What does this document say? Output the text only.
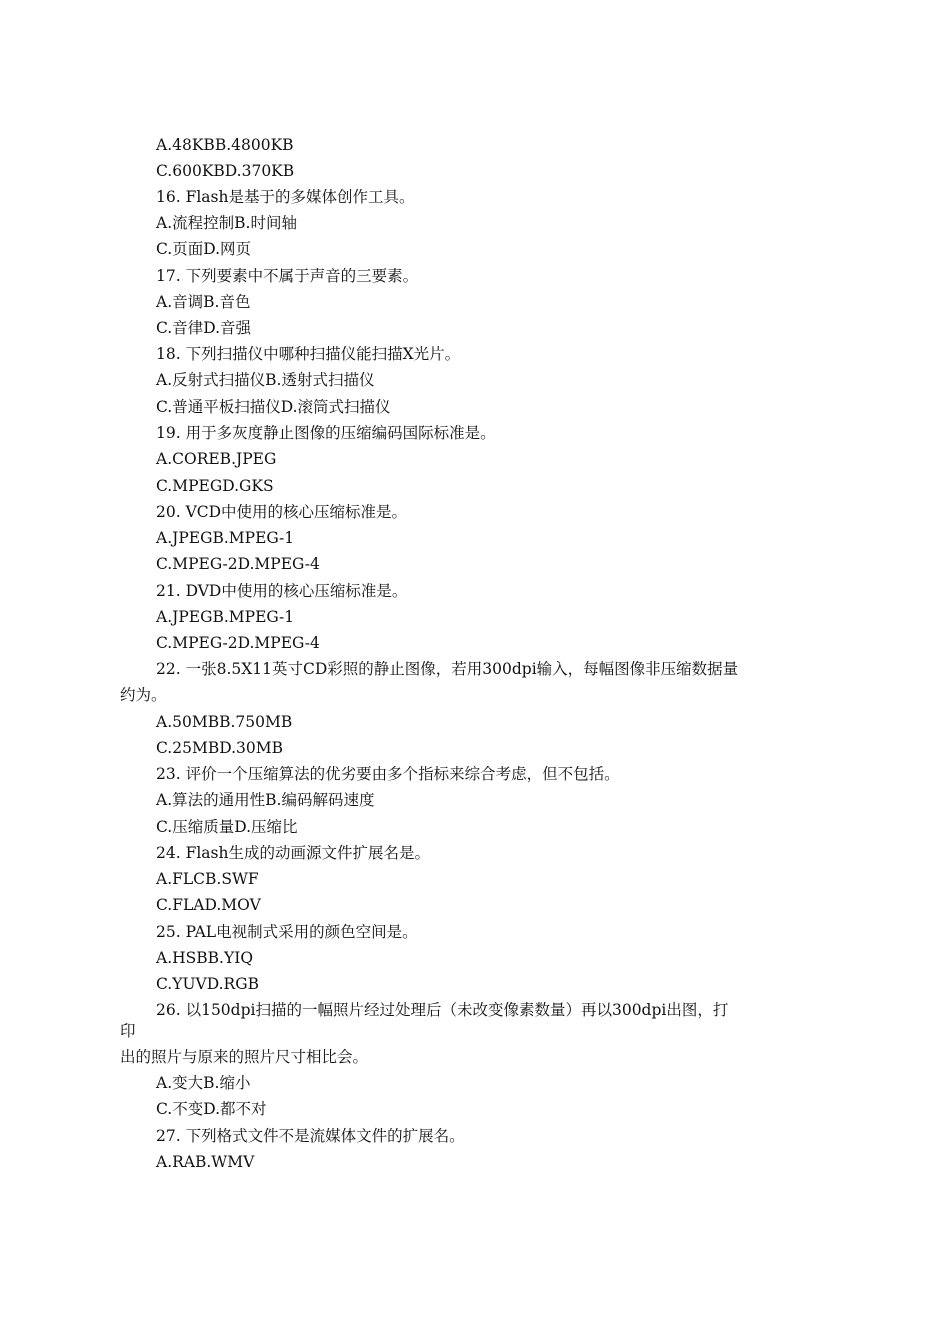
A.48KBB.4800KB
C.600KBD.370KB
16. Flash是基于的多媒体创作工具。
A.流程控制B.时间轴
C.页面D.网页
17. 下列要素中不属于声音的三要素。
A.音调B.音色
C.音律D.音强
18. 下列扫描仪中哪种扫描仪能扫描X光片。
A.反射式扫描仪B.透射式扫描仪
C.普通平板扫描仪D.滚筒式扫描仪
19. 用于多灰度静止图像的压缩编码国际标准是。
A.COREB.JPEG
C.MPEGD.GKS
20. VCD中使用的核心压缩标准是。
A.JPEGB.MPEG-1
C.MPEG-2D.MPEG-4
21. DVD中使用的核心压缩标准是。
A.JPEGB.MPEG-1
C.MPEG-2D.MPEG-4
22. 一张8.5X11英寸CD彩照的静止图像，若用300dpi输入，每幅图像非压缩数据量
约为。
A.50MBB.750MB
C.25MBD.30MB
23. 评价一个压缩算法的优劣要由多个指标来综合考虑，但不包括。
A.算法的通用性B.编码解码速度
C.压缩质量D.压缩比
24. Flash生成的动画源文件扩展名是。
A.FLCB.SWF
C.FLAD.MOV
25. PAL电视制式采用的颜色空间是。
A.HSBB.YIQ
C.YUVD.RGB
26. 以150dpi扫描的一幅照片经过处理后（未改变像素数量）再以300dpi出图，打
印
出的照片与原来的照片尺寸相比会。
A.变大B.缩小
C.不变D.都不对
27. 下列格式文件不是流媒体文件的扩展名。
A.RAB.WMV
